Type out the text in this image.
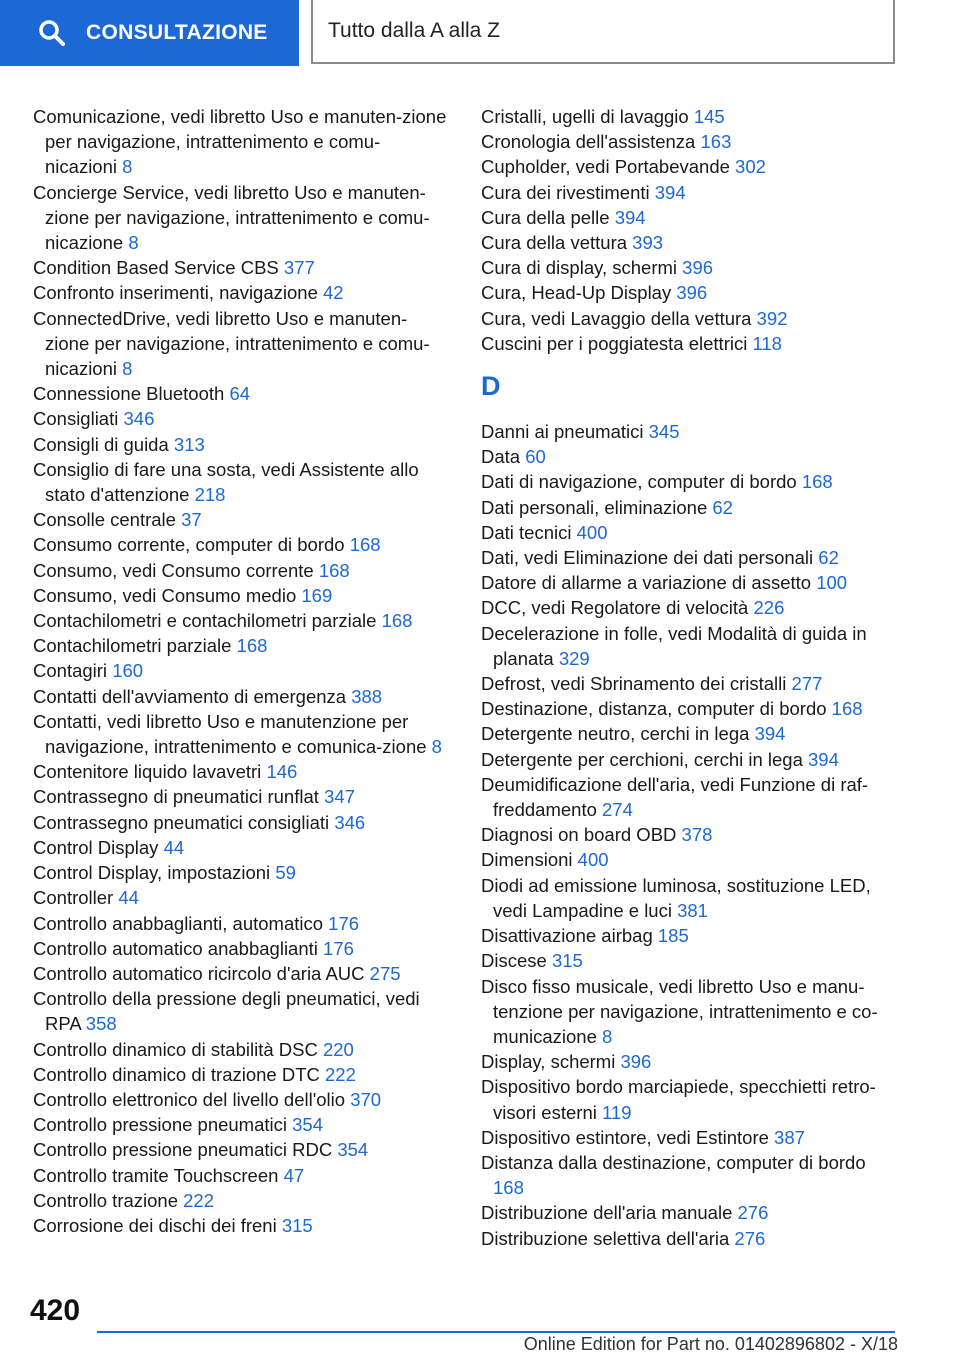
CONSULTAZIONE	Tutto dalla A alla Z
Comunicazione, vedi libretto Uso e manuten-zione per navigazione, intrattenimento e comu-nicazioni 8
Concierge Service, vedi libretto Uso e manuten-zione per navigazione, intrattenimento e comu-nicazione 8
Condition Based Service CBS 377
Confronto inserimenti, navigazione 42
ConnectedDrive, vedi libretto Uso e manuten-zione per navigazione, intrattenimento e comu-nicazioni 8
Connessione Bluetooth 64
Consigliati 346
Consigli di guida 313
Consiglio di fare una sosta, vedi Assistente allo stato d'attenzione 218
Consolle centrale 37
Consumo corrente, computer di bordo 168
Consumo, vedi Consumo corrente 168
Consumo, vedi Consumo medio 169
Contachilometri e contachilometri parziale 168
Contachilometri parziale 168
Contagiri 160
Contatti dell'avviamento di emergenza 388
Contatti, vedi libretto Uso e manutenzione per navigazione, intrattenimento e comunica-zione 8
Contenitore liquido lavavetri 146
Contrassegno di pneumatici runflat 347
Contrassegno pneumatici consigliati 346
Control Display 44
Control Display, impostazioni 59
Controller 44
Controllo anabbaglianti, automatico 176
Controllo automatico anabbaglianti 176
Controllo automatico ricircolo d'aria AUC 275
Controllo della pressione degli pneumatici, vedi RPA 358
Controllo dinamico di stabilità DSC 220
Controllo dinamico di trazione DTC 222
Controllo elettronico del livello dell'olio 370
Controllo pressione pneumatici 354
Controllo pressione pneumatici RDC 354
Controllo tramite Touchscreen 47
Controllo trazione 222
Corrosione dei dischi dei freni 315
Cristalli, ugelli di lavaggio 145
Cronologia dell'assistenza 163
Cupholder, vedi Portabevande 302
Cura dei rivestimenti 394
Cura della pelle 394
Cura della vettura 393
Cura di display, schermi 396
Cura, Head-Up Display 396
Cura, vedi Lavaggio della vettura 392
Cuscini per i poggiatesta elettrici 118
D
Danni ai pneumatici 345
Data 60
Dati di navigazione, computer di bordo 168
Dati personali, eliminazione 62
Dati tecnici 400
Dati, vedi Eliminazione dei dati personali 62
Datore di allarme a variazione di assetto 100
DCC, vedi Regolatore di velocità 226
Decelerazione in folle, vedi Modalità di guida in planata 329
Defrost, vedi Sbrinamento dei cristalli 277
Destinazione, distanza, computer di bordo 168
Detergente neutro, cerchi in lega 394
Detergente per cerchioni, cerchi in lega 394
Deumidificazione dell'aria, vedi Funzione di raf-freddamento 274
Diagnosi on board OBD 378
Dimensioni 400
Diodi ad emissione luminosa, sostituzione LED, vedi Lampadine e luci 381
Disattivazione airbag 185
Discese 315
Disco fisso musicale, vedi libretto Uso e manu-tenzione per navigazione, intrattenimento e co-municazione 8
Display, schermi 396
Dispositivo bordo marciapiede, specchietti retro-visori esterni 119
Dispositivo estintore, vedi Estintore 387
Distanza dalla destinazione, computer di bordo 168
Distribuzione dell'aria manuale 276
Distribuzione selettiva dell'aria 276
420
Online Edition for Part no. 01402896802 - X/18
